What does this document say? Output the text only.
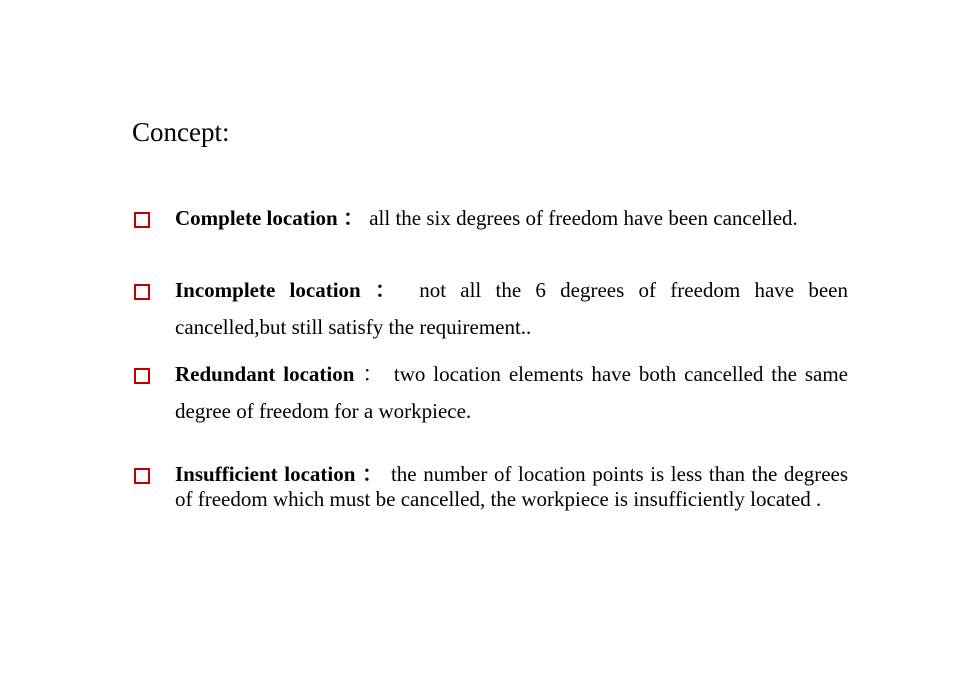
Concept:
Complete location ： all the six degrees of freedom have been cancelled.
Incomplete location ： not all the 6 degrees of freedom have been cancelled,but still satisfy the requirement..
Redundant location ： two location elements have both cancelled the same degree of freedom for a workpiece.
Insufficient location ： the number of location points is less than the degrees of freedom which must be cancelled, the workpiece is insufficiently located .
